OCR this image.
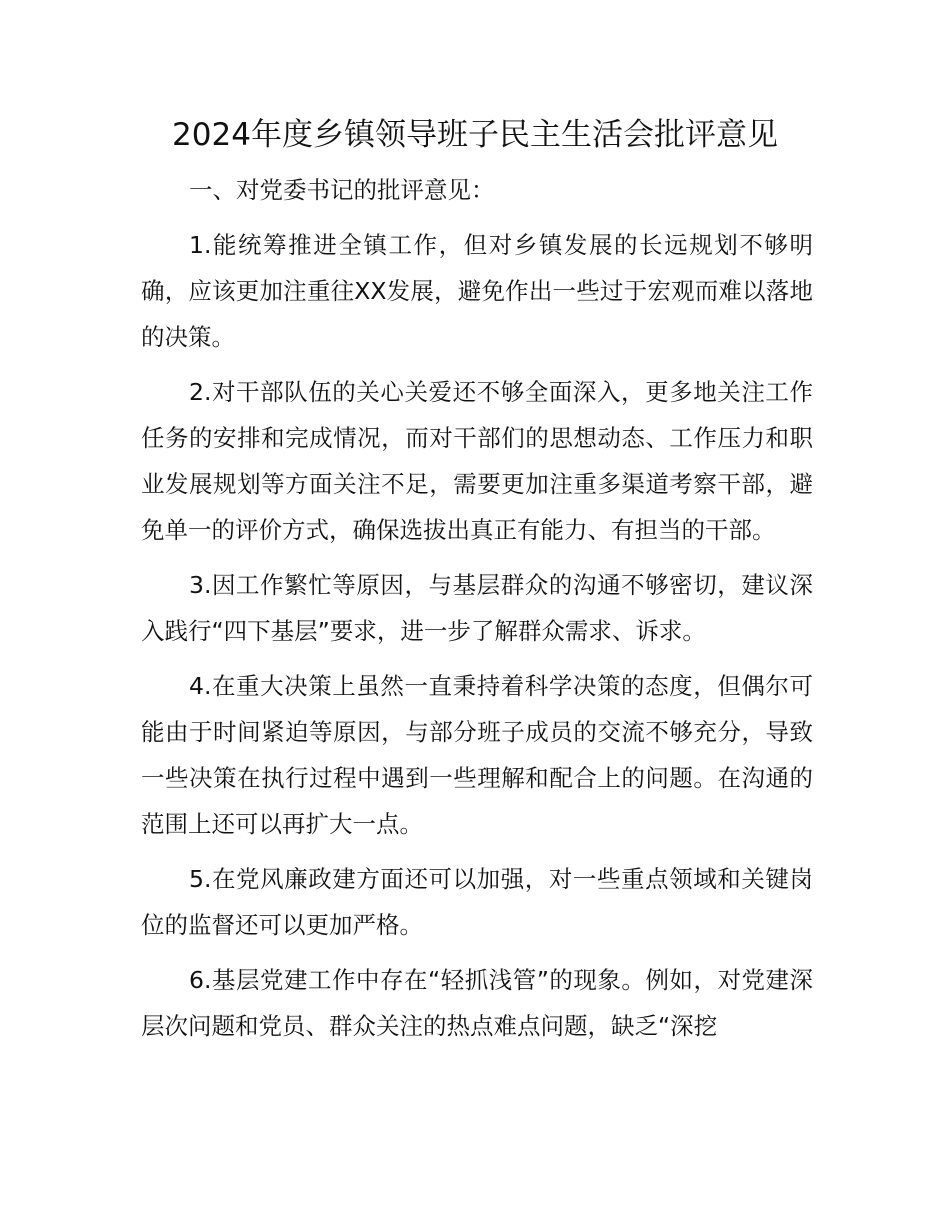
2024年度乡镇领导班子民主生活会批评意见

一、对党委书记的批评意见：

1.能统筹推进全镇工作，但对乡镇发展的长远规划不够明确，应该更加注重往XX发展，避免作出一些过于宏观而难以落地的决策。

2.对干部队伍的关心关爱还不够全面深入，更多地关注工作任务的安排和完成情况，而对干部们的思想动态、工作压力和职业发展规划等方面关注不足，需要更加注重多渠道考察干部，避免单一的评价方式，确保选拔出真正有能力、有担当的干部。

3.因工作繁忙等原因，与基层群众的沟通不够密切，建议深入践行“四下基层”要求，进一步了解群众需求、诉求。

4.在重大决策上虽然一直秉持着科学决策的态度，但偶尔可能由于时间紧迫等原因，与部分班子成员的交流不够充分，导致一些决策在执行过程中遇到一些理解和配合上的问题。在沟通的范围上还可以再扩大一点。

5.在党风廉政建方面还可以加强，对一些重点领域和关键岗位的监督还可以更加严格。

6.基层党建工作中存在“轻抓浅管”的现象。例如，对党建深层次问题和党员、群众关注的热点难点问题，缺乏“深挖
